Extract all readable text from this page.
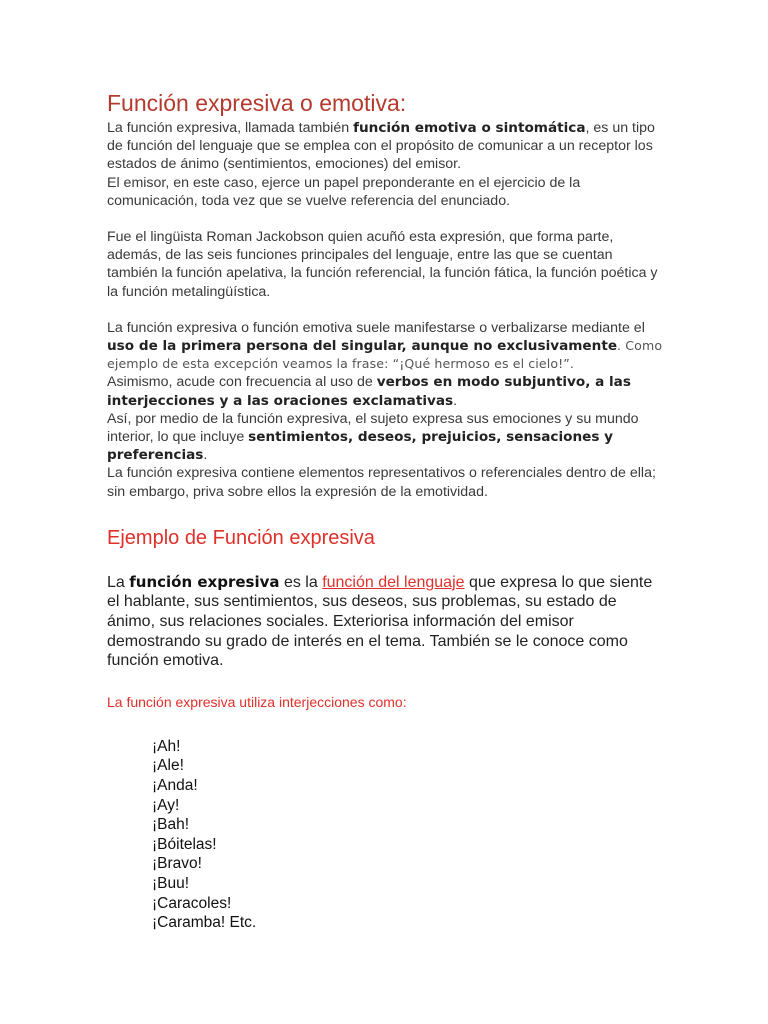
Función expresiva o emotiva:

La función expresiva, llamada también función emotiva o sintomática, es un tipo de función del lenguaje que se emplea con el propósito de comunicar a un receptor los estados de ánimo (sentimientos, emociones) del emisor.

El emisor, en este caso, ejerce un papel preponderante en el ejercicio de la comunicación, toda vez que se vuelve referencia del enunciado.

Fue el lingüista Roman Jackobson quien acuñó esta expresión, que forma parte, además, de las seis funciones principales del lenguaje, entre las que se cuentan también la función apelativa, la función referencial, la función fática, la función poética y la función metalingüística.

La función expresiva o función emotiva suele manifestarse o verbalizarse mediante el uso de la primera persona del singular, aunque no exclusivamente. Como ejemplo de esta excepción veamos la frase: “¡Qué hermoso es el cielo!”.

Asimismo, acude con frecuencia al uso de verbos en modo subjuntivo, a las interjecciones y a las oraciones exclamativas.

Así, por medio de la función expresiva, el sujeto expresa sus emociones y su mundo interior, lo que incluye sentimientos, deseos, prejuicios, sensaciones y preferencias.

La función expresiva contiene elementos representativos o referenciales dentro de ella; sin embargo, priva sobre ellos la expresión de la emotividad.

Ejemplo de Función expresiva

La función expresiva es la función del lenguaje que expresa lo que siente el hablante, sus sentimientos, sus deseos, sus problemas, su estado de ánimo, sus relaciones sociales. Exteriorisa información del emisor demostrando su grado de interés en el tema. También se le conoce como función emotiva.

La función expresiva utiliza interjecciones como:

¡Ah!
¡Ale!
¡Anda!
¡Ay!
¡Bah!
¡Bóitelas!
¡Bravo!
¡Buu!
¡Caracoles!
¡Caramba! Etc.
